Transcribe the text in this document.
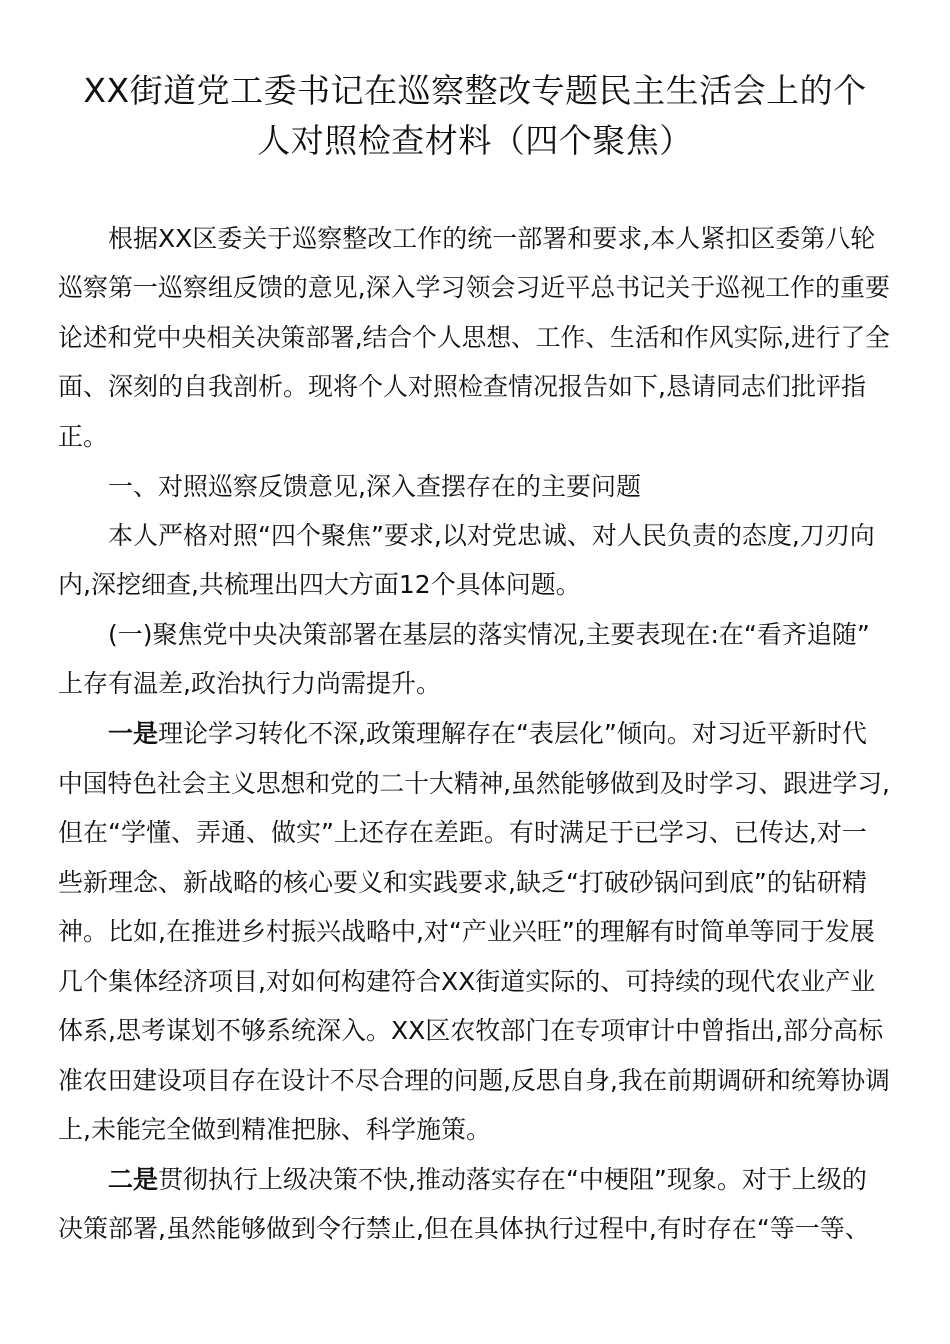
XX街道党工委书记在巡察整改专题民主生活会上的个
人对照检查材料（四个聚焦）

根据XX区委关于巡察整改工作的统一部署和要求,本人紧扣区委第八轮

巡察第一巡察组反馈的意见,深入学习领会习近平总书记关于巡视工作的重要

论述和党中央相关决策部署,结合个人思想、工作、生活和作风实际,进行了全

面、深刻的自我剖析。现将个人对照检查情况报告如下,恳请同志们批评指

正。

一、对照巡察反馈意见,深入查摆存在的主要问题

本人严格对照“四个聚焦”要求,以对党忠诚、对人民负责的态度,刀刃向

内,深挖细查,共梳理出四大方面12个具体问题。

(一)聚焦党中央决策部署在基层的落实情况,主要表现在:在“看齐追随”

上存有温差,政治执行力尚需提升。

一是理论学习转化不深,政策理解存在“表层化”倾向。对习近平新时代

中国特色社会主义思想和党的二十大精神,虽然能够做到及时学习、跟进学习,

但在“学懂、弄通、做实”上还存在差距。有时满足于已学习、已传达,对一

些新理念、新战略的核心要义和实践要求,缺乏“打破砂锅问到底”的钻研精

神。比如,在推进乡村振兴战略中,对“产业兴旺”的理解有时简单等同于发展

几个集体经济项目,对如何构建符合XX街道实际的、可持续的现代农业产业

体系,思考谋划不够系统深入。XX区农牧部门在专项审计中曾指出,部分高标

准农田建设项目存在设计不尽合理的问题,反思自身,我在前期调研和统筹协调

上,未能完全做到精准把脉、科学施策。

二是贯彻执行上级决策不快,推动落实存在“中梗阻”现象。对于上级的

决策部署,虽然能够做到令行禁止,但在具体执行过程中,有时存在“等一等、
